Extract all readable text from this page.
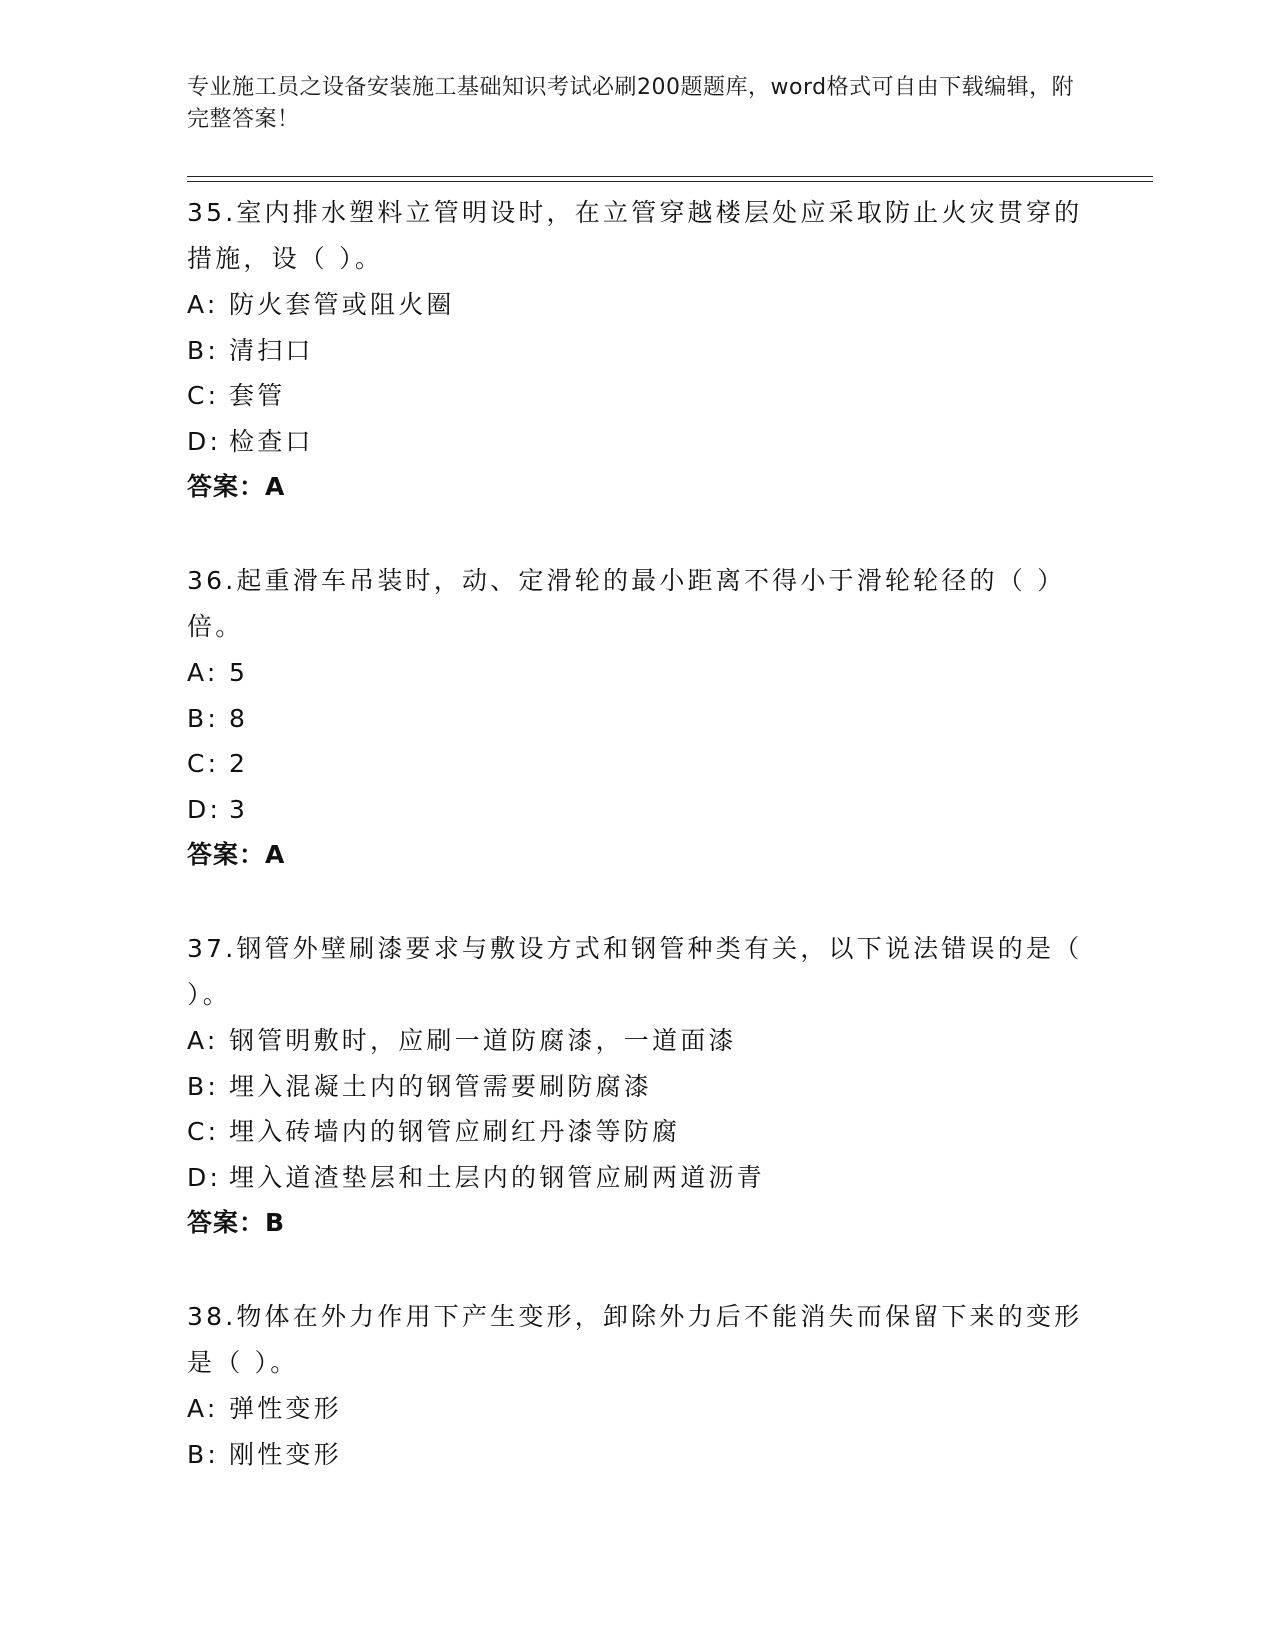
专业施工员之设备安装施工基础知识考试必刷200题题库，word格式可自由下载编辑，附完整答案！

35.室内排水塑料立管明设时，在立管穿越楼层处应采取防止火灾贯穿的措施，设（ ）。

A: 防火套管或阻火圈
B: 清扫口
C: 套管
D: 检查口
答案：A

36.起重滑车吊装时，动、定滑轮的最小距离不得小于滑轮轮径的（ ）倍。

A: 5
B: 8
C: 2
D: 3
答案：A

37.钢管外壁刷漆要求与敷设方式和钢管种类有关，以下说法错误的是（ ）。

A: 钢管明敷时，应刷一道防腐漆，一道面漆
B: 埋入混凝土内的钢管需要刷防腐漆
C: 埋入砖墙内的钢管应刷红丹漆等防腐
D: 埋入道渣垫层和土层内的钢管应刷两道沥青
答案：B

38.物体在外力作用下产生变形，卸除外力后不能消失而保留下来的变形是（ ）。

A: 弹性变形
B: 刚性变形
